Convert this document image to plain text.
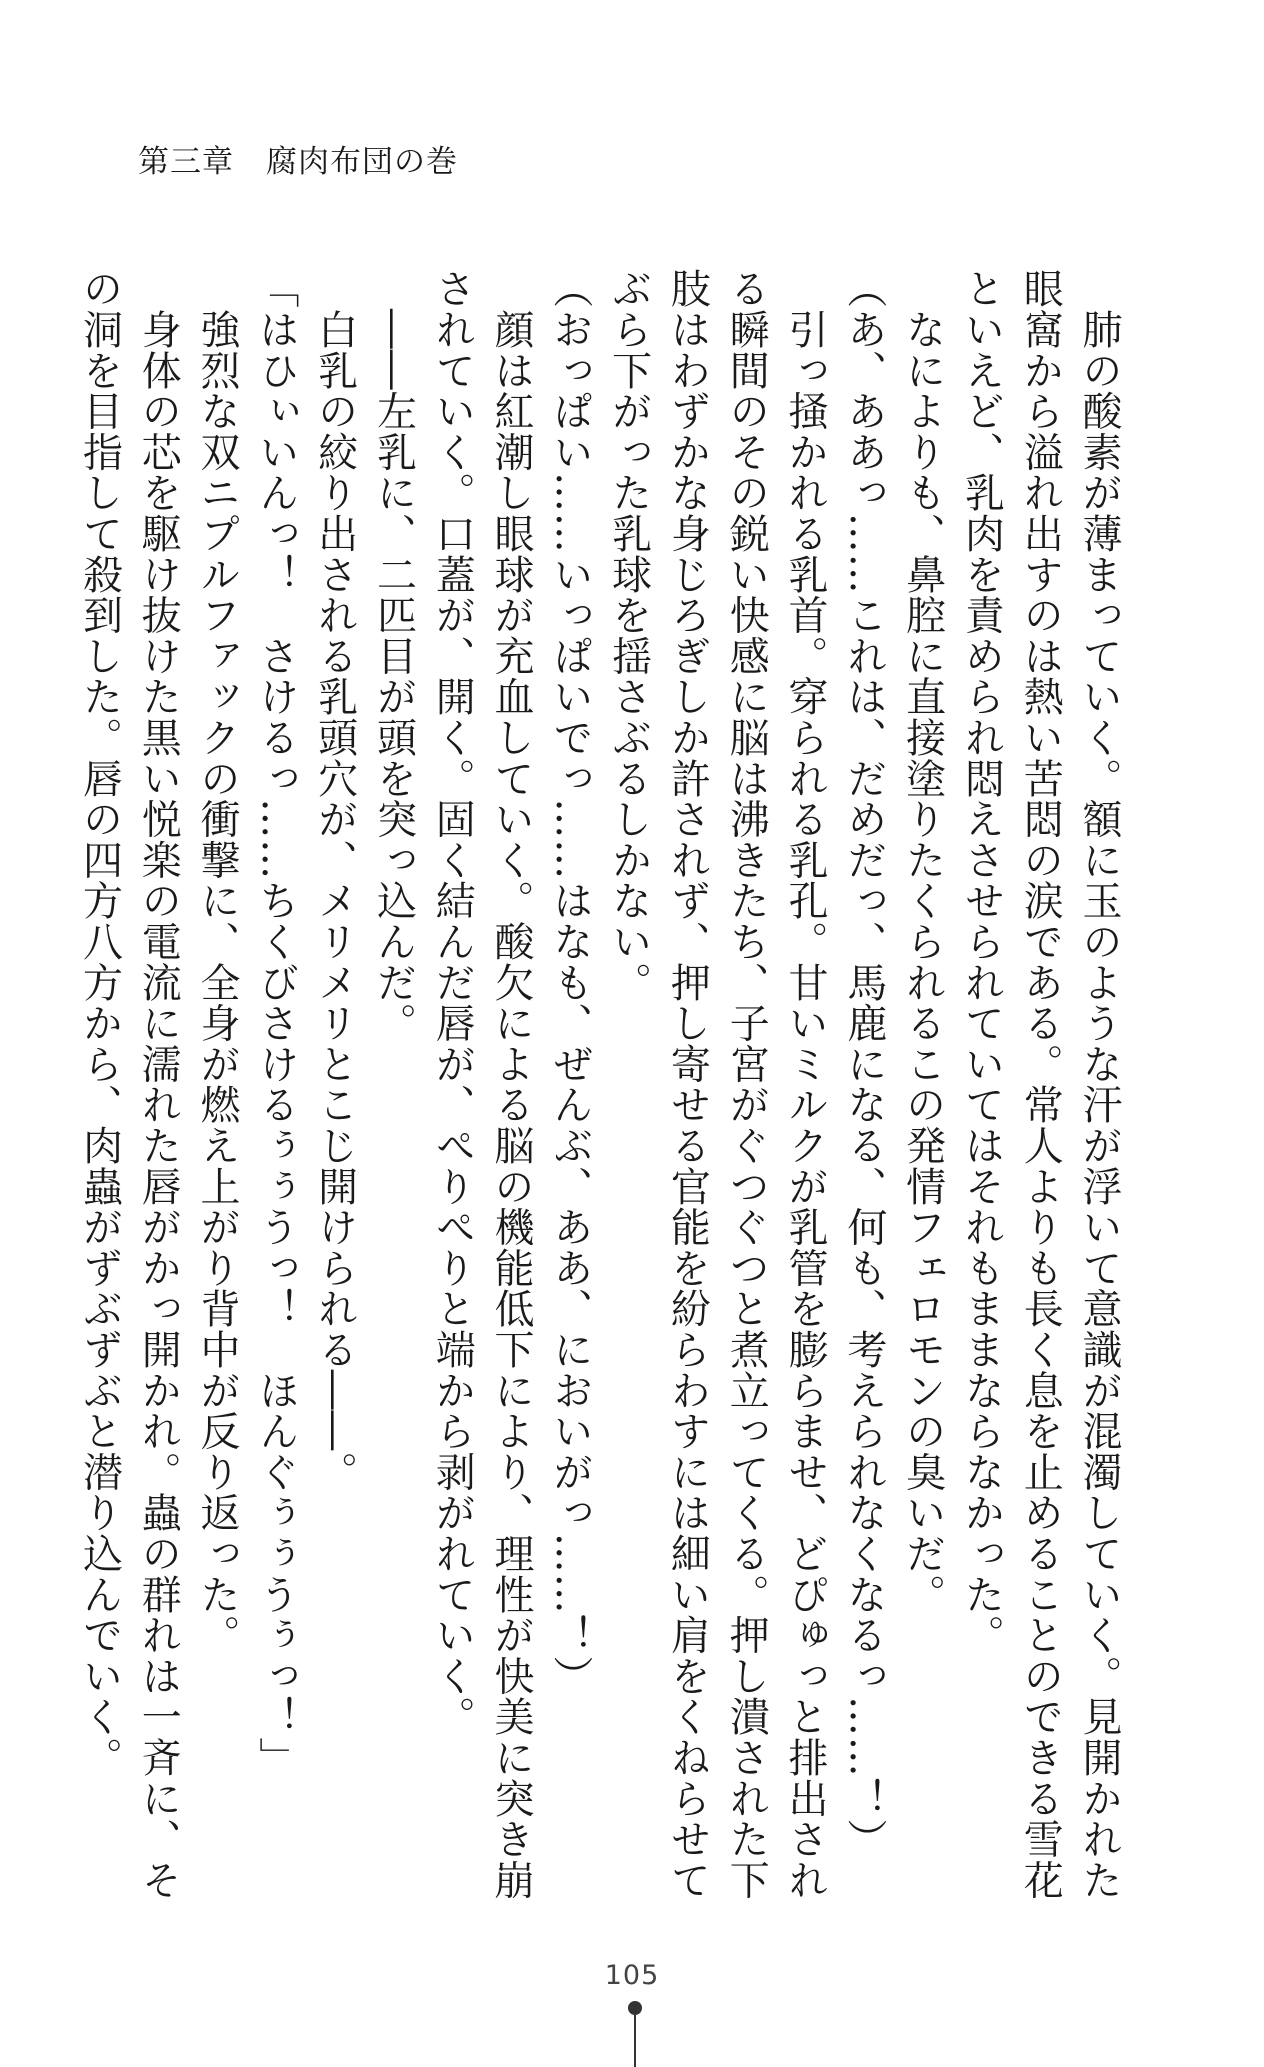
第三章　腐肉布団の巻

　肺の酸素が薄まっていく。額に玉のような汗が浮いて意識が混濁していく。見開かれた

眼窩から溢れ出すのは熱い苦悶の涙である。常人よりも長く息を止めることのできる雪花

といえど、乳肉を責められ悶えさせられていてはそれもままならなかった。

　なによりも、鼻腔に直接塗りたくられるこの発情フェロモンの臭いだ。

（あ、ああっ……これは、だめだっ、馬鹿になる、何も、考えられなくなるっ……！）

　引っ掻かれる乳首。穿られる乳孔。甘いミルクが乳管を膨らませ、どぴゅっと排出され

る瞬間のその鋭い快感に脳は沸きたち、子宮がぐつぐつと煮立ってくる。押し潰された下

肢はわずかな身じろぎしか許されず、押し寄せる官能を紛らわすには細い肩をくねらせて

ぶら下がった乳球を揺さぶるしかない。

（おっぱい……いっぱいでっ……はなも、ぜんぶ、ああ、においがっ……！）

　顔は紅潮し眼球が充血していく。酸欠による脳の機能低下により、理性が快美に突き崩

されていく。口蓋が、開く。固く結んだ唇が、ぺりぺりと端から剥がれていく。

　――左乳に、二匹目が頭を突っ込んだ。

　白乳の絞り出される乳頭穴が、メリメリとこじ開けられる――。

「はひぃいんっ！　さけるっ……ちくびさけるぅぅうっ！　ほんぐぅぅうぅっ！」

　強烈な双ニプルファックの衝撃に、全身が燃え上がり背中が反り返った。

　身体の芯を駆け抜けた黒い悦楽の電流に濡れた唇がかっ開かれ。蟲の群れは一斉に、そ

の洞を目指して殺到した。唇の四方八方から、肉蟲がずぶずぶと潜り込んでいく。

105
